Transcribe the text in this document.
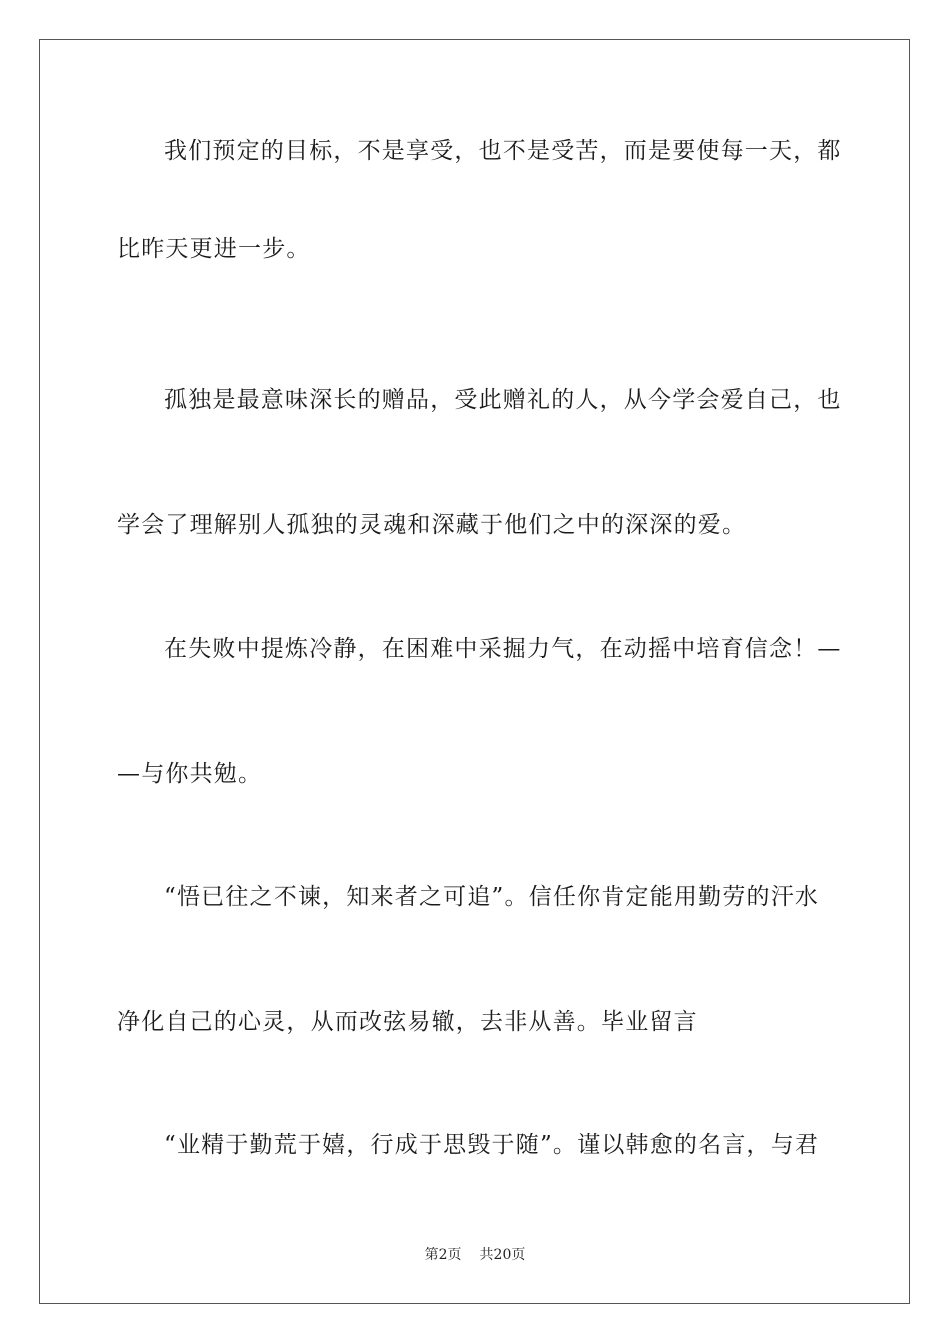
我们预定的目标，不是享受，也不是受苦，而是要使每一天，都
比昨天更进一步。
孤独是最意味深长的赠品，受此赠礼的人，从今学会爱自己，也
学会了理解别人孤独的灵魂和深藏于他们之中的深深的爱。
在失败中提炼冷静，在困难中采掘力气，在动摇中培育信念！—
—与你共勉。
“悟已往之不谏，知来者之可追”。信任你肯定能用勤劳的汗水
净化自己的心灵，从而改弦易辙，去非从善。毕业留言
“业精于勤荒于嬉，行成于思毁于随”。谨以韩愈的名言，与君
第2页 共20页
